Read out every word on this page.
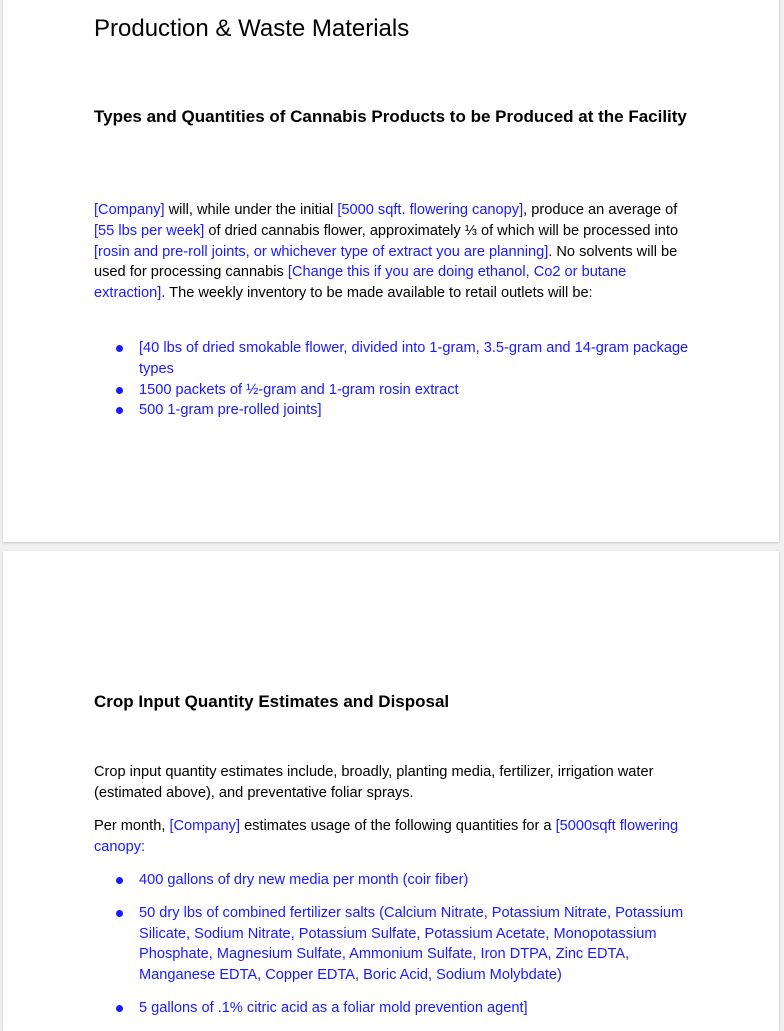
Production & Waste Materials
Types and Quantities of Cannabis Products to be Produced at the Facility
[Company] will, while under the initial [5000 sqft. flowering canopy], produce an average of [55 lbs per week] of dried cannabis flower, approximately ⅓ of which will be processed into [rosin and pre-roll joints, or whichever type of extract you are planning]. No solvents will be used for processing cannabis [Change this if you are doing ethanol, Co2 or butane extraction]. The weekly inventory to be made available to retail outlets will be:
[40 lbs of dried smokable flower, divided into 1-gram, 3.5-gram and 14-gram package types
1500 packets of ½-gram and 1-gram rosin extract
500 1-gram pre-rolled joints]
Crop Input Quantity Estimates and Disposal
Crop input quantity estimates include, broadly, planting media, fertilizer, irrigation water (estimated above), and preventative foliar sprays.
Per month, [Company] estimates usage of the following quantities for a [5000sqft flowering canopy:
400 gallons of dry new media per month (coir fiber)
50 dry lbs of combined fertilizer salts (Calcium Nitrate, Potassium Nitrate, Potassium Silicate, Sodium Nitrate, Potassium Sulfate, Potassium Acetate, Monopotassium Phosphate, Magnesium Sulfate, Ammonium Sulfate, Iron DTPA, Zinc EDTA, Manganese EDTA, Copper EDTA, Boric Acid, Sodium Molybdate)
5 gallons of .1% citric acid as a foliar mold prevention agent]
